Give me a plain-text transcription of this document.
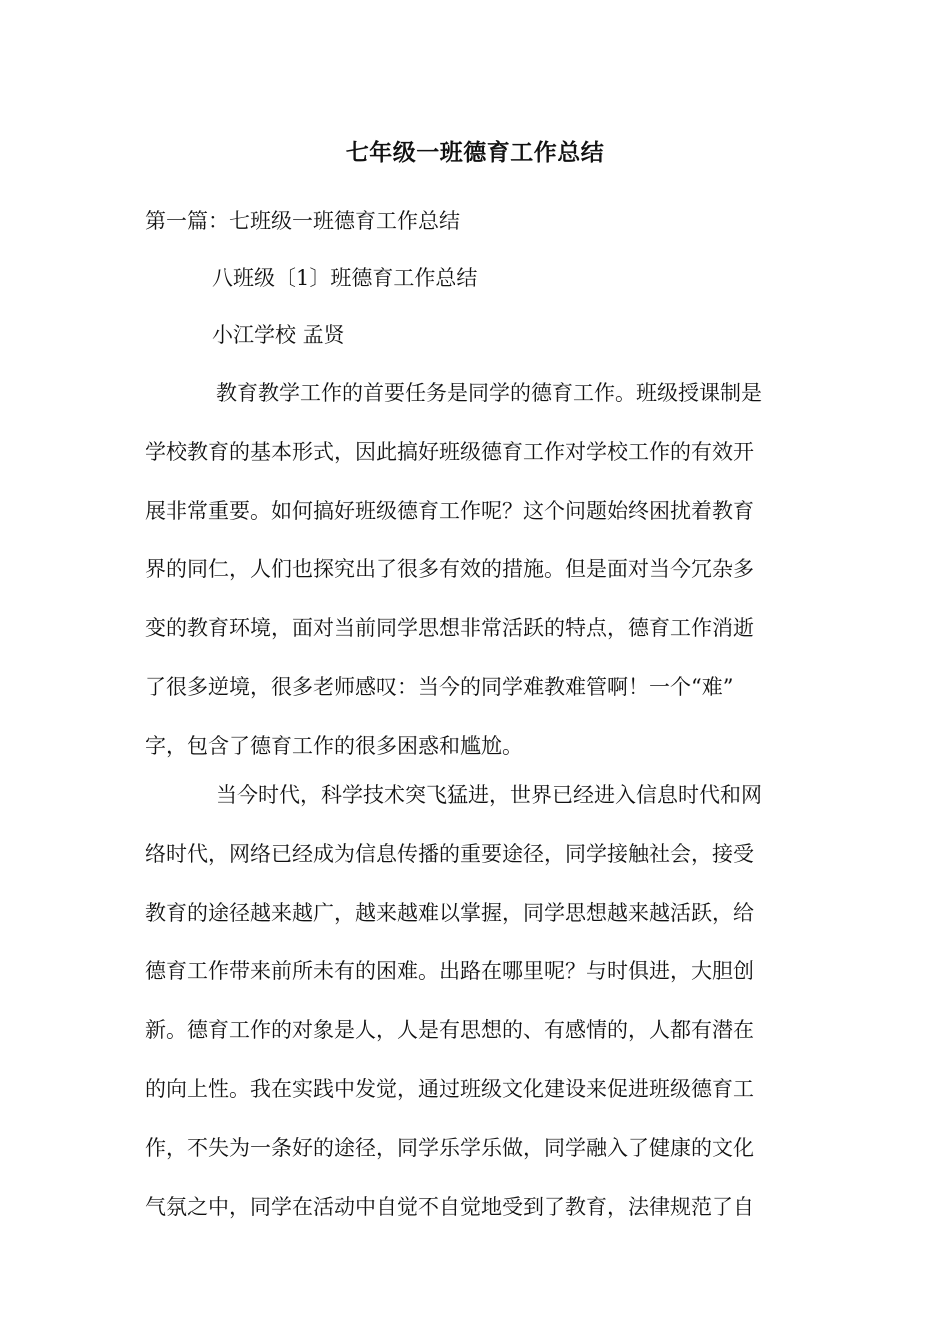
七年级一班德育工作总结

第一篇：七班级一班德育工作总结

八班级〔1〕班德育工作总结

小江学校 孟贤

教育教学工作的首要任务是同学的德育工作。班级授课制是
学校教育的基本形式，因此搞好班级德育工作对学校工作的有效开
展非常重要。如何搞好班级德育工作呢？这个问题始终困扰着教育
界的同仁，人们也探究出了很多有效的措施。但是面对当今冗杂多
变的教育环境，面对当前同学思想非常活跃的特点，德育工作消逝
了很多逆境，很多老师感叹：当今的同学难教难管啊！一个“难”
字，包含了德育工作的很多困惑和尴尬。
当今时代，科学技术突飞猛进，世界已经进入信息时代和网
络时代，网络已经成为信息传播的重要途径，同学接触社会，接受
教育的途径越来越广，越来越难以掌握，同学思想越来越活跃，给
德育工作带来前所未有的困难。出路在哪里呢？与时俱进，大胆创
新。德育工作的对象是人，人是有思想的、有感情的，人都有潜在
的向上性。我在实践中发觉，通过班级文化建设来促进班级德育工
作，不失为一条好的途径，同学乐学乐做，同学融入了健康的文化
气氛之中，同学在活动中自觉不自觉地受到了教育，法律规范了自
